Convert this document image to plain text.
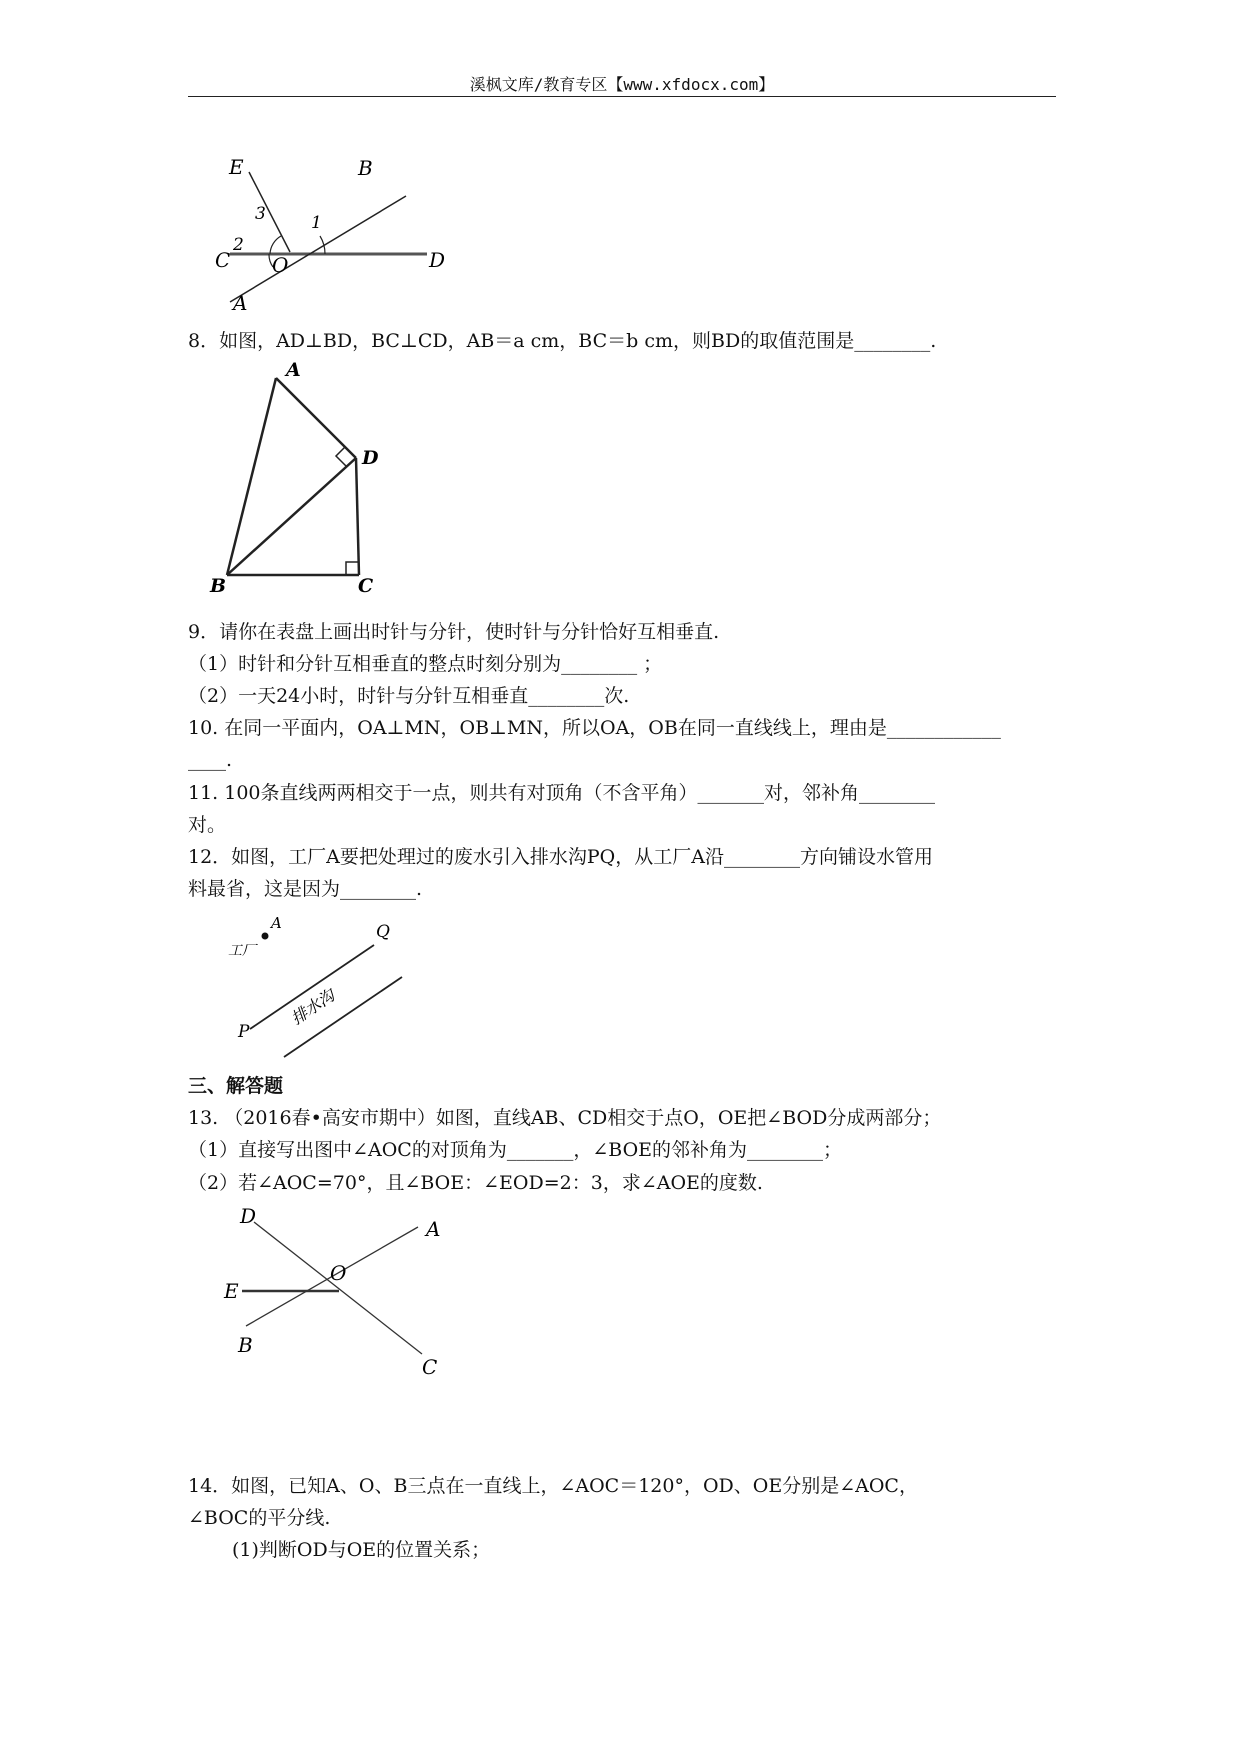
溪枫文库/教育专区【www.xfdocx.com】
E	B
C O	D
A
1
2
3
8．如图，AD⊥BD，BC⊥CD，AB＝a cm，BC＝b cm，则BD的取值范围是________.
A
D
B	C
9．请你在表盘上画出时针与分针，使时针与分针恰好互相垂直.
（1）时针和分针互相垂直的整点时刻分别为________ ；
（2）一天24小时，时针与分针互相垂直________次.
10. 在同一平面内，OA⊥MN，OB⊥MN，所以OA，OB在同一直线线上，理由是____________
____.
11. 100条直线两两相交于一点，则共有对顶角（不含平角）_______对，邻补角________
对。
12．如图，工厂A要把处理过的废水引入排水沟PQ，从工厂A沿________方向铺设水管用
料最省，这是因为________.
A
工厂
Q
P
排水沟
三、解答题
13. （2016春•高安市期中）如图，直线AB、CD相交于点O，OE把∠BOD分成两部分；
（1）直接写出图中∠AOC的对顶角为_______，∠BOE的邻补角为________；
（2）若∠AOC=70°，且∠BOE：∠EOD=2：3，求∠AOE的度数.
D
A
O
E
B
C
14．如图，已知A、O、B三点在一直线上，∠AOC＝120°，OD、OE分别是∠AOC，
∠BOC的平分线.
(1)判断OD与OE的位置关系；
